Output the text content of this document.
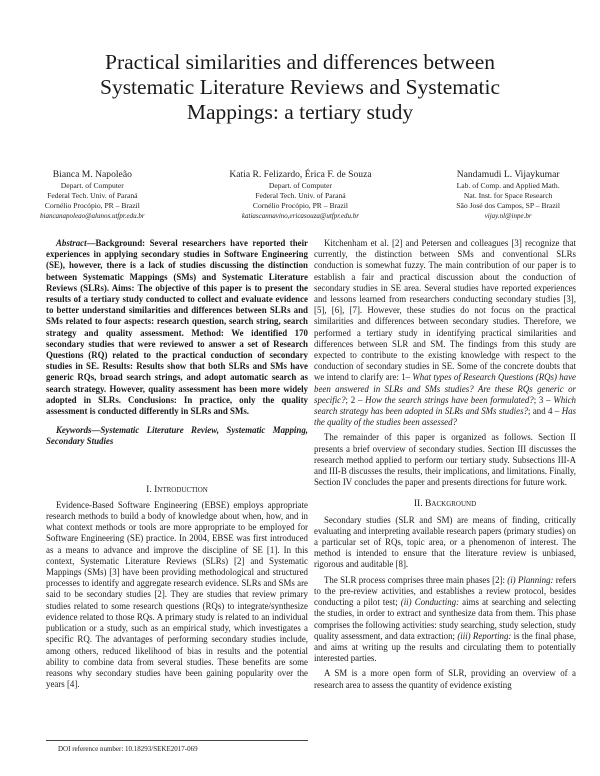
Practical similarities and differences between Systematic Literature Reviews and Systematic Mappings: a tertiary study
Bianca M. Napoleão
Depart. of Computer
Federal Tech. Univ. of Paraná
Cornélio Procópio, PR – Brazil
biancanapoleao@alunos.utfpr.edu.br
Katia R. Felizardo, Érica F. de Souza
Depart. of Computer
Federal Tech. Univ. of Paraná
Cornélio Procópio, PR – Brazil
katiascannavino,ericasouza@utfpr.edu.br
Nandamudi L. Vijaykumar
Lab. of Comp. and Applied Math.
Nat. Inst. for Space Research
São José dos Campos, SP – Brazil
vijay.nl@inpe.br

Abstract—Background: Several researchers have reported their experiences in applying secondary studies in Software Engineering (SE), however, there is a lack of studies discussing the distinction between Systematic Mappings (SMs) and Systematic Literature Reviews (SLRs). Aims: The objective of this paper is to present the results of a tertiary study conducted to collect and evaluate evidence to better understand similarities and differences between SLRs and SMs related to four aspects: research question, search string, search strategy and quality assessment. Method: We identified 170 secondary studies that were reviewed to answer a set of Research Questions (RQ) related to the practical conduction of secondary studies in SE. Results: Results show that both SLRs and SMs have generic RQs, broad search strings, and adopt automatic search as search strategy. However, quality assessment has been more widely adopted in SLRs. Conclusions: In practice, only the quality assessment is conducted differently in SLRs and SMs.

Keywords—Systematic Literature Review, Systematic Mapping, Secondary Studies

I. Introduction

Evidence-Based Software Engineering (EBSE) employs appropriate research methods to build a body of knowledge about when, how, and in what context methods or tools are more appropriate to be employed for Software Engineering (SE) practice. In 2004, EBSE was first introduced as a means to advance and improve the discipline of SE [1]. In this context, Systematic Literature Reviews (SLRs) [2] and Systematic Mappings (SMs) [3] have been providing methodological and structured processes to identify and aggregate research evidence. SLRs and SMs are said to be secondary studies [2]. They are studies that review primary studies related to some research questions (RQs) to integrate/synthesize evidence related to those RQs. A primary study is related to an individual publication or a study, such as an empirical study, which investigates a specific RQ. The advantages of performing secondary studies include, among others, reduced likelihood of bias in results and the potential ability to combine data from several studies. These benefits are some reasons why secondary studies have been gaining popularity over the years [4].

Kitchenham et al. [2] and Petersen and colleagues [3] recognize that currently, the distinction between SMs and conventional SLRs conduction is somewhat fuzzy. The main contribution of our paper is to establish a fair and practical discussion about the conduction of secondary studies in SE area. Several studies have reported experiences and lessons learned from researchers conducting secondary studies [3], [5], [6], [7]. However, these studies do not focus on the practical similarities and differences between secondary studies. Therefore, we performed a tertiary study in identifying practical similarities and differences between SLR and SM. The findings from this study are expected to contribute to the existing knowledge with respect to the conduction of secondary studies in SE. Some of the concrete doubts that we intend to clarify are: 1– What types of Research Questions (RQs) have been answered in SLRs and SMs studies? Are these RQs generic or specific?; 2 – How the search strings have been formulated?; 3 – Which search strategy has been adopted in SLRs and SMs studies?; and 4 – Has the quality of the studies been assessed?

The remainder of this paper is organized as follows. Section II presents a brief overview of secondary studies. Section III discusses the research method applied to perform our tertiary study. Subsections III-A and III-B discusses the results, their implications, and limitations. Finally, Section IV concludes the paper and presents directions for future work.

II. Background

Secondary studies (SLR and SM) are means of finding, critically evaluating and interpreting available research papers (primary studies) on a particular set of RQs, topic area, or a phenomenon of interest. The method is intended to ensure that the literature review is unbiased, rigorous and auditable [8].

The SLR process comprises three main phases [2]: (i) Planning: refers to the pre-review activities, and establishes a review protocol, besides conducting a pilot test; (ii) Conducting: aims at searching and selecting the studies, in order to extract and synthesize data from them. This phase comprises the following activities: study searching, study selection, study quality assessment, and data extraction; (iii) Reporting: is the final phase, and aims at writing up the results and circulating them to potentially interested parties.

A SM is a more open form of SLR, providing an overview of a research area to assess the quantity of evidence existing

DOI reference number: 10.18293/SEKE2017-069
